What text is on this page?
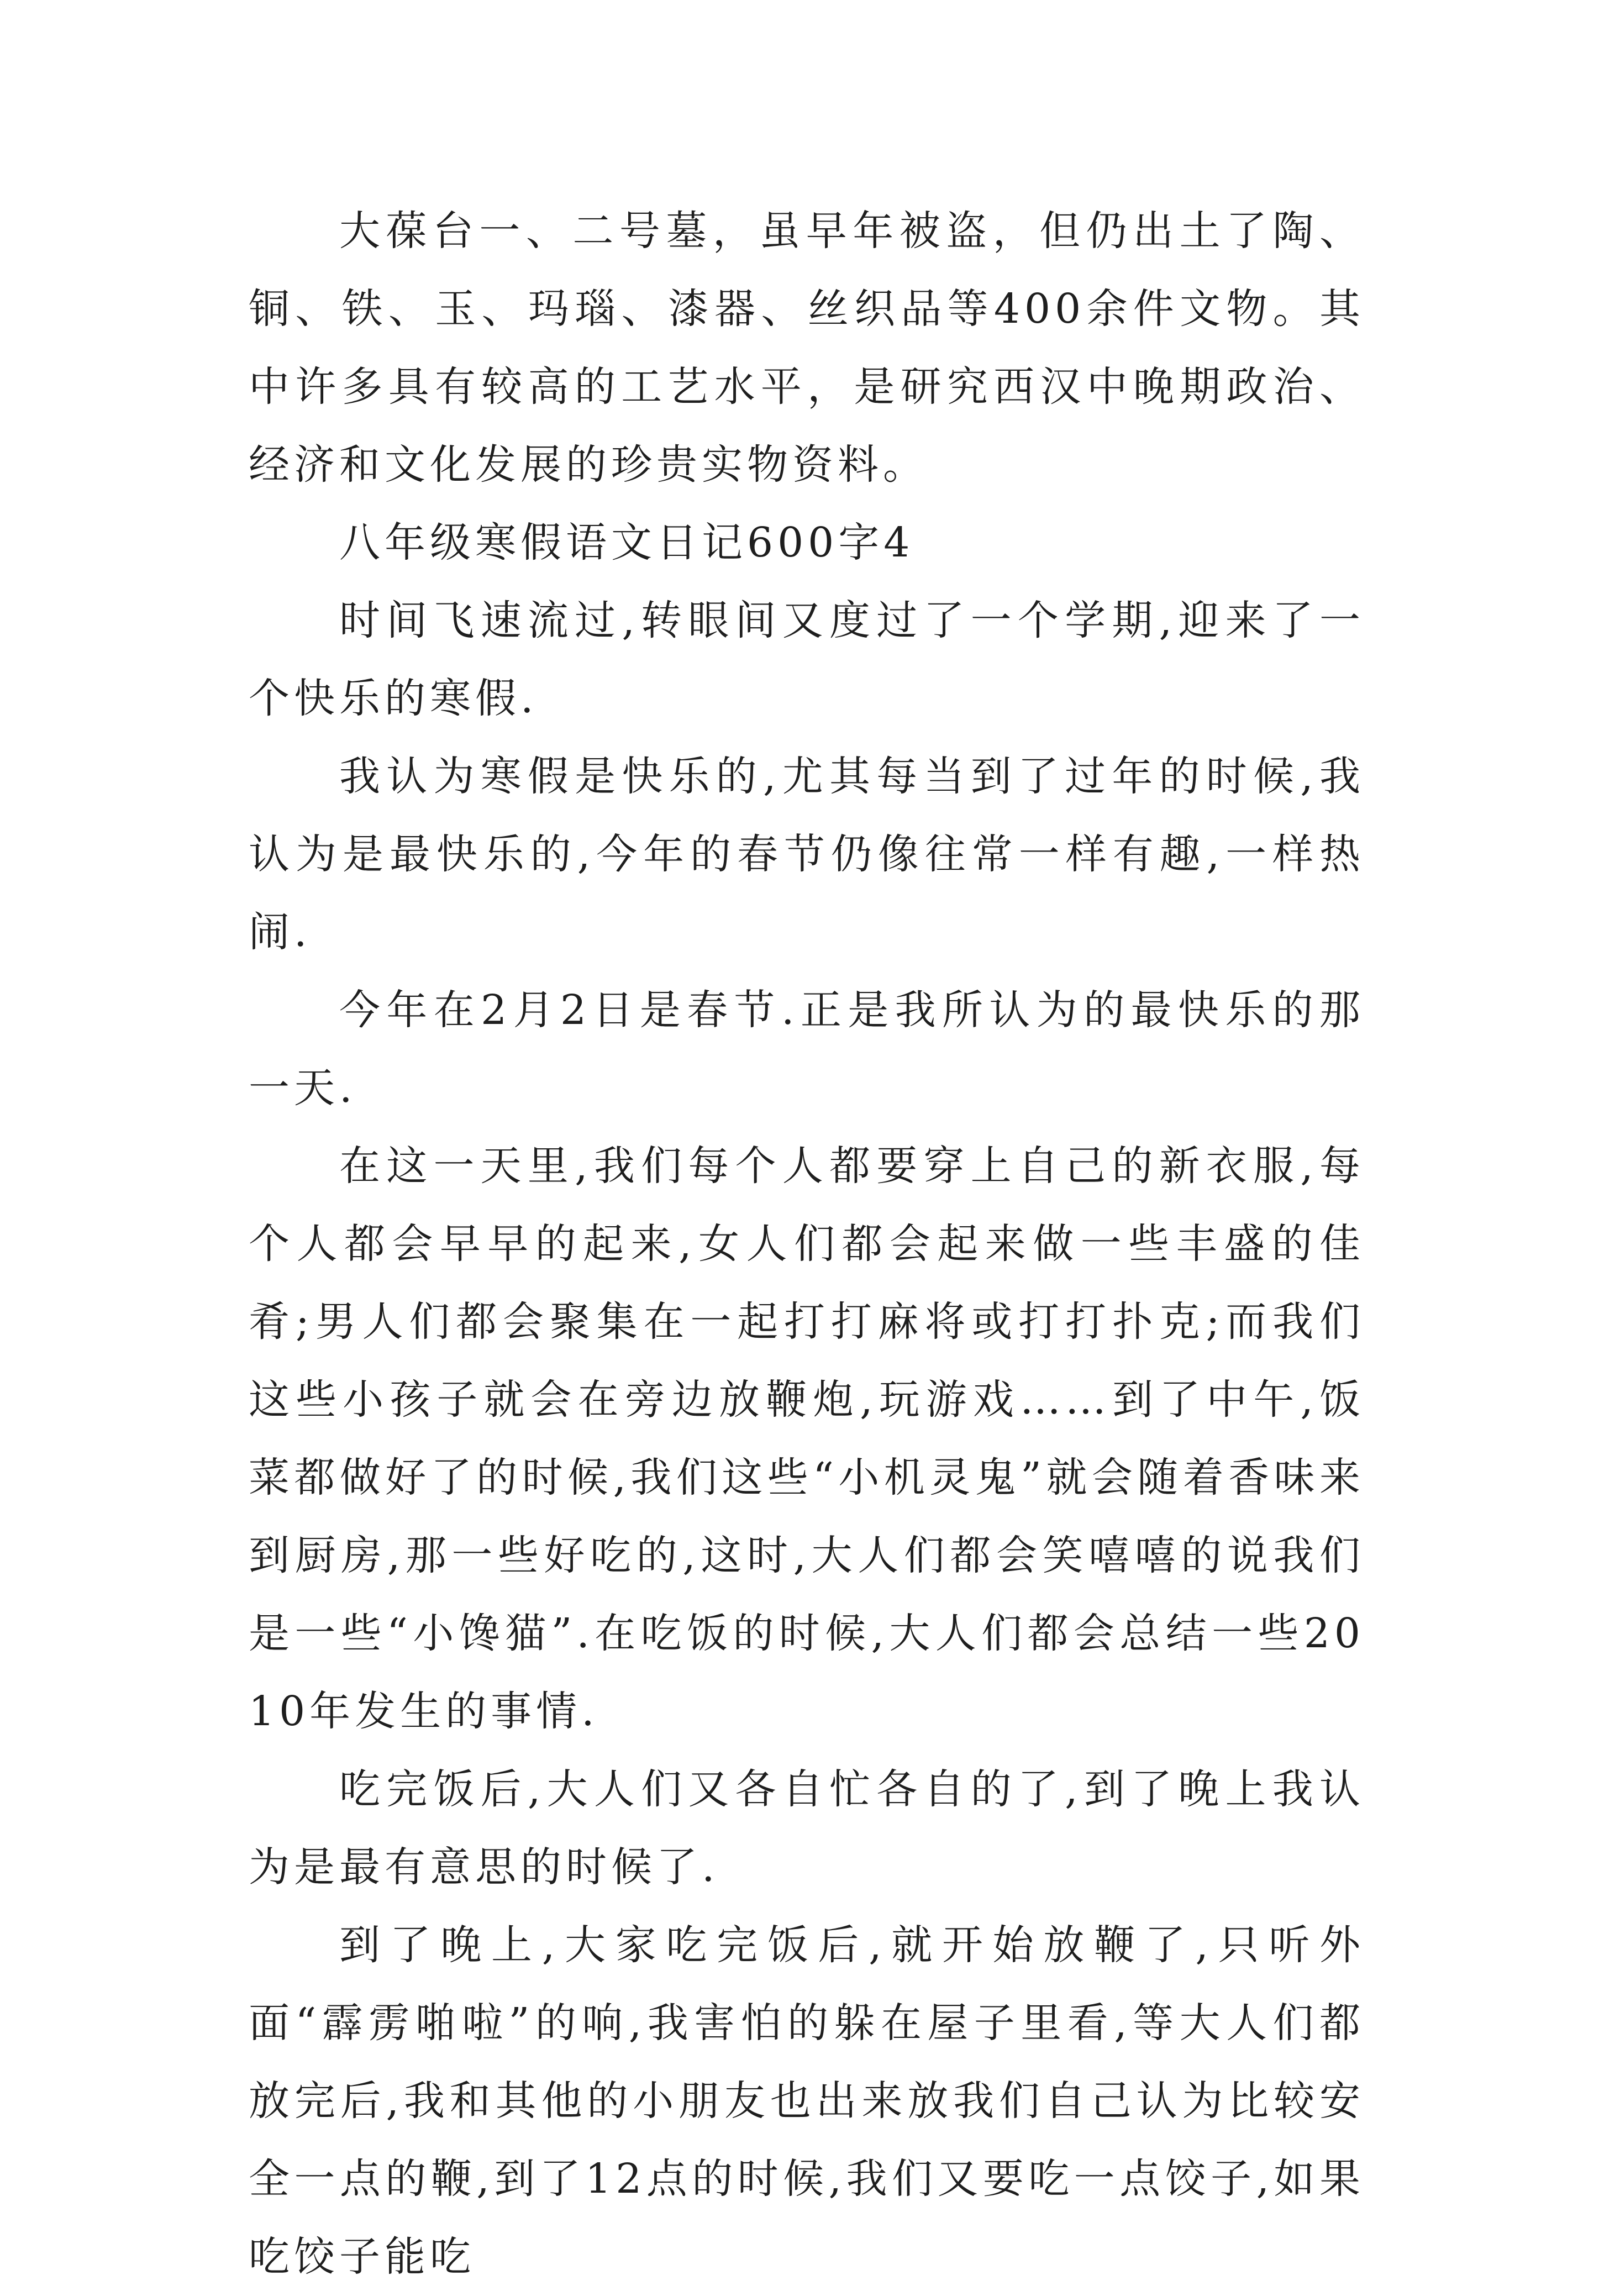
大葆台一、二号墓，虽早年被盗，但仍出土了陶、铜、铁、玉、玛瑙、漆器、丝织品等400余件文物。其中许多具有较高的工艺水平，是研究西汉中晚期政治、经济和文化发展的珍贵实物资料。

八年级寒假语文日记600字4

时间飞速流过,转眼间又度过了一个学期,迎来了一个快乐的寒假.

我认为寒假是快乐的,尤其每当到了过年的时候,我认为是最快乐的,今年的春节仍像往常一样有趣,一样热闹.

今年在2月2日是春节.正是我所认为的最快乐的那一天.

在这一天里,我们每个人都要穿上自己的新衣服,每个人都会早早的起来,女人们都会起来做一些丰盛的佳肴;男人们都会聚集在一起打打麻将或打打扑克;而我们这些小孩子就会在旁边放鞭炮,玩游戏……到了中午,饭菜都做好了的时候,我们这些“小机灵鬼”就会随着香味来到厨房,那一些好吃的,这时,大人们都会笑嘻嘻的说我们是一些“小馋猫”.在吃饭的时候,大人们都会总结一些2010年发生的事情.

吃完饭后,大人们又各自忙各自的了,到了晚上我认为是最有意思的时候了.

到了晚上,大家吃完饭后,就开始放鞭了,只听外面“霹雳啪啦”的响,我害怕的躲在屋子里看,等大人们都放完后,我和其他的小朋友也出来放我们自己认为比较安全一点的鞭,到了12点的时候,我们又要吃一点饺子,如果吃饺子能吃
